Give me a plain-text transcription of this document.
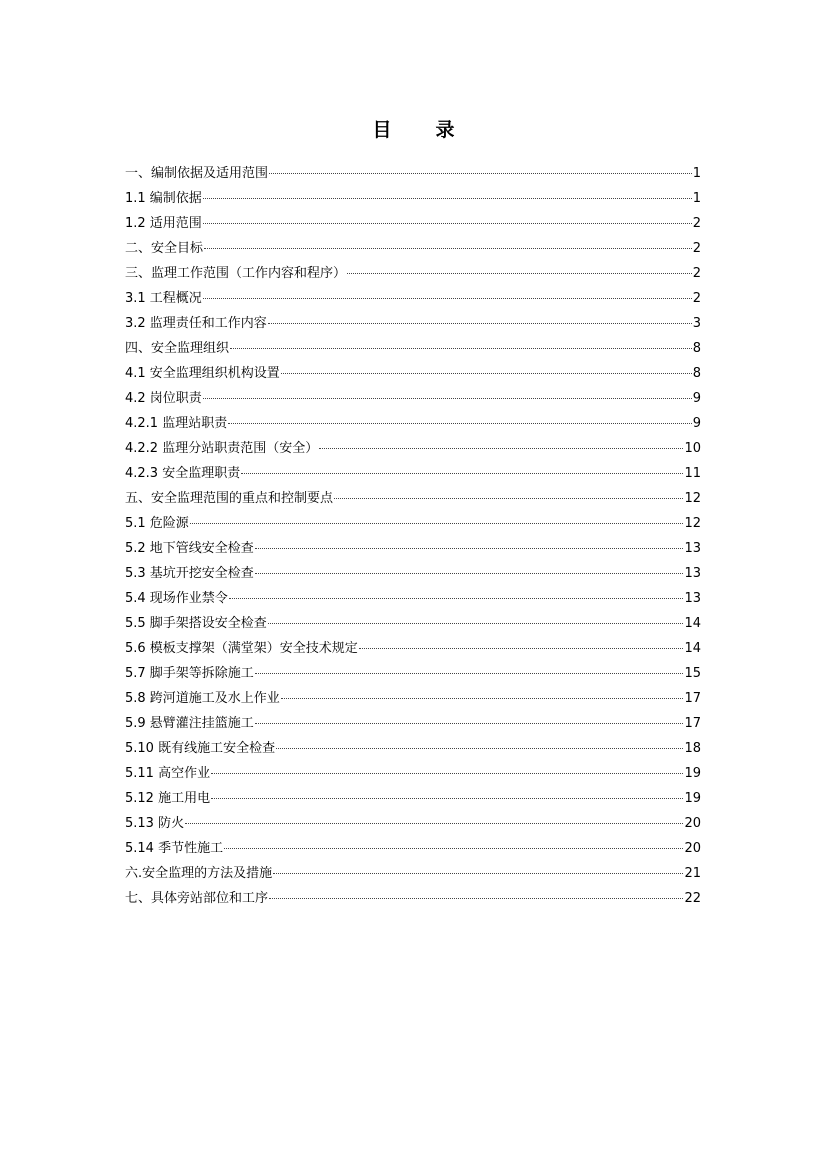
目 录
一、编制依据及适用范围	1
1.1 编制依据	1
1.2 适用范围	2
二、安全目标	2
三、监理工作范围（工作内容和程序）	2
3.1 工程概况	2
3.2 监理责任和工作内容	3
四、安全监理组织	8
4.1 安全监理组织机构设置	8
4.2 岗位职责	9
4.2.1 监理站职责	9
4.2.2 监理分站职责范围（安全）	10
4.2.3 安全监理职责	11
五、安全监理范围的重点和控制要点	12
5.1 危险源	12
5.2 地下管线安全检查	13
5.3 基坑开挖安全检查	13
5.4 现场作业禁令	13
5.5 脚手架搭设安全检查	14
5.6 模板支撑架（满堂架）安全技术规定	14
5.7 脚手架等拆除施工	15
5.8 跨河道施工及水上作业	17
5.9 悬臂灌注挂篮施工	17
5.10 既有线施工安全检查	18
5.11 高空作业	19
5.12 施工用电	19
5.13 防火	20
5.14 季节性施工	20
六.安全监理的方法及措施	21
七、具体旁站部位和工序	22
